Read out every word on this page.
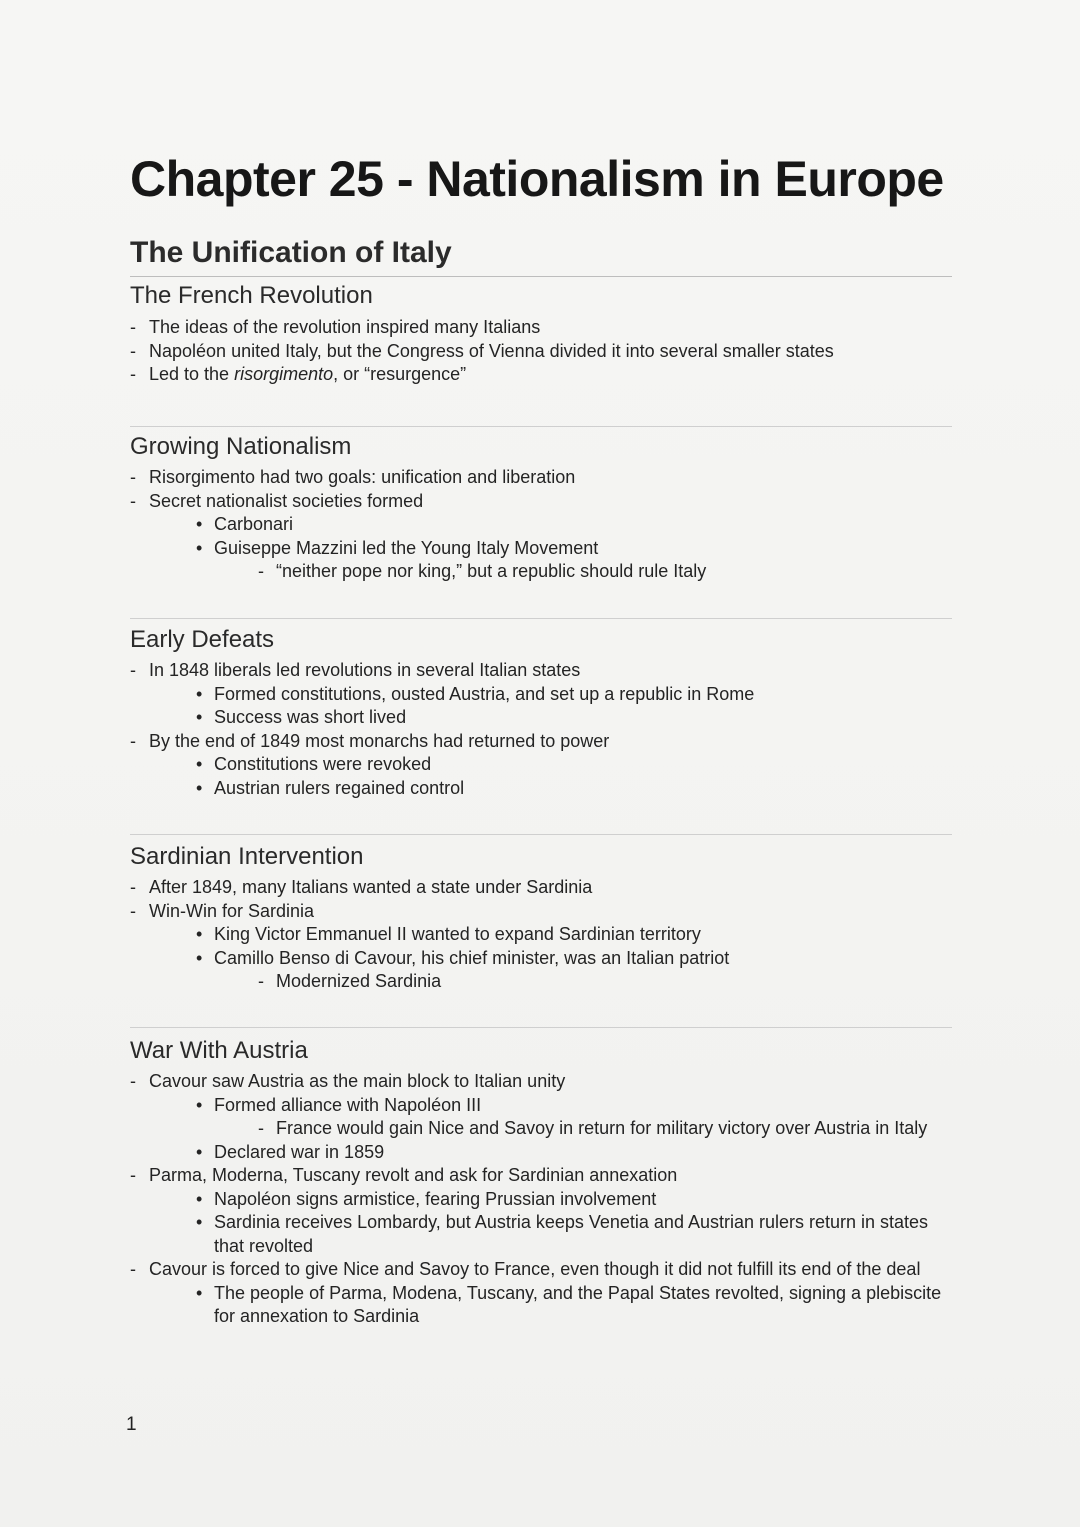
Chapter 25 - Nationalism in Europe
The Unification of Italy
The French Revolution
- The ideas of the revolution inspired many Italians
- Napoléon united Italy, but the Congress of Vienna divided it into several smaller states
- Led to the risorgimento, or “resurgence”
Growing Nationalism
- Risorgimento had two goals: unification and liberation
- Secret nationalist societies formed
• Carbonari
• Guiseppe Mazzini led the Young Italy Movement
- “neither pope nor king,” but a republic should rule Italy
Early Defeats
- In 1848 liberals led revolutions in several Italian states
• Formed constitutions, ousted Austria, and set up a republic in Rome
• Success was short lived
- By the end of 1849 most monarchs had returned to power
• Constitutions were revoked
• Austrian rulers regained control
Sardinian Intervention
- After 1849, many Italians wanted a state under Sardinia
- Win-Win for Sardinia
• King Victor Emmanuel II wanted to expand Sardinian territory
• Camillo Benso di Cavour, his chief minister, was an Italian patriot
- Modernized Sardinia
War With Austria
- Cavour saw Austria as the main block to Italian unity
• Formed alliance with Napoléon III
- France would gain Nice and Savoy in return for military victory over Austria in Italy
• Declared war in 1859
- Parma, Moderna, Tuscany revolt and ask for Sardinian annexation
• Napoléon signs armistice, fearing Prussian involvement
• Sardinia receives Lombardy, but Austria keeps Venetia and Austrian rulers return in states that revolted
- Cavour is forced to give Nice and Savoy to France, even though it did not fulfill its end of the deal
• The people of Parma, Modena, Tuscany, and the Papal States revolted, signing a plebiscite for annexation to Sardinia
1
